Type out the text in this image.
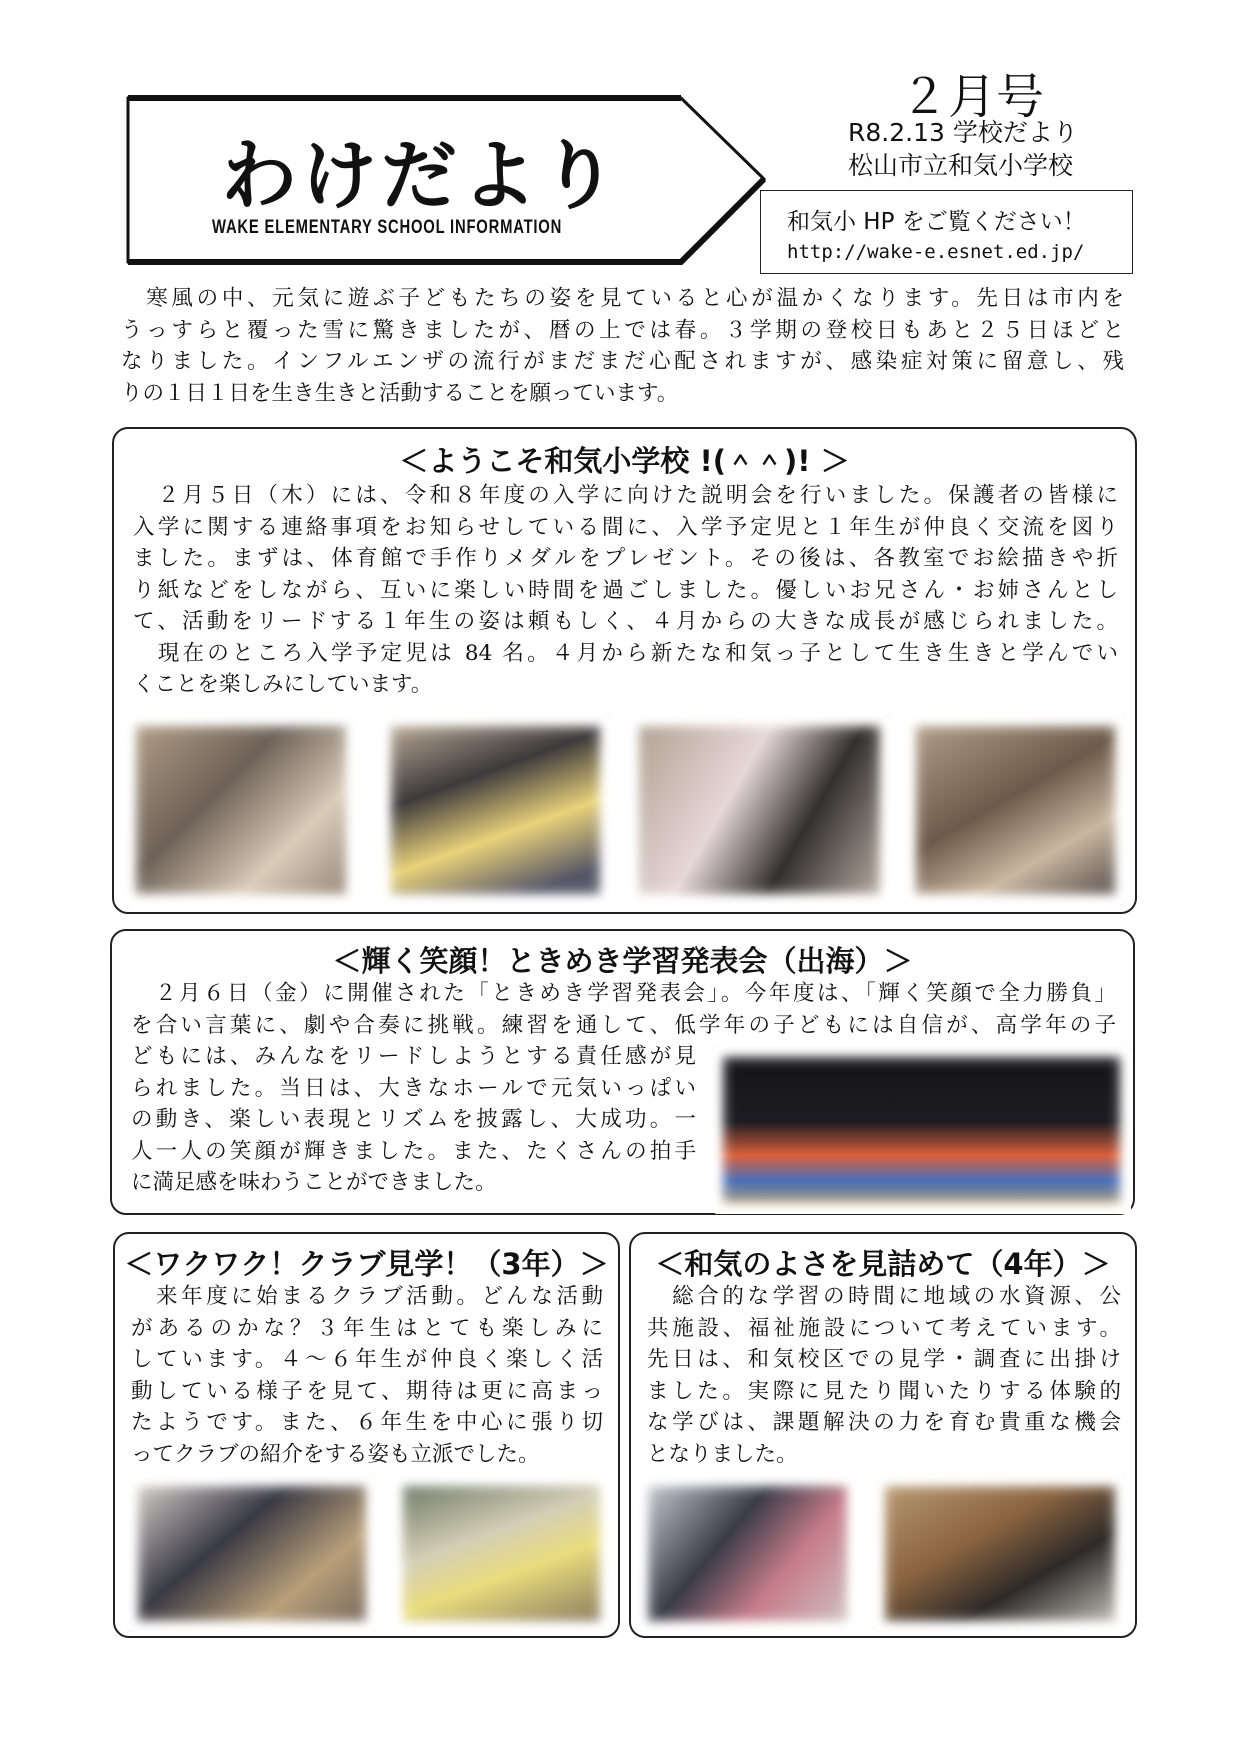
わけだより
WAKE ELEMENTARY SCHOOL INFORMATION
２月号
R8.2.13 学校だより
松山市立和気小学校
和気小 HP をご覧ください！
http://wake-e.esnet.ed.jp/
　寒風の中、元気に遊ぶ子どもたちの姿を見ていると心が温かくなります。先日は市内を
うっすらと覆った雪に驚きましたが、暦の上では春。３学期の登校日もあと２５日ほどと
なりました。インフルエンザの流行がまだまだ心配されますが、感染症対策に留意し、残
りの１日１日を生き生きと活動することを願っています。
＜ようこそ和気小学校 !(＾＾)! ＞
　２月５日（木）には、令和８年度の入学に向けた説明会を行いました。保護者の皆様に
入学に関する連絡事項をお知らせしている間に、入学予定児と１年生が仲良く交流を図り
ました。まずは、体育館で手作りメダルをプレゼント。その後は、各教室でお絵描きや折
り紙などをしながら、互いに楽しい時間を過ごしました。優しいお兄さん・お姉さんとし
て、活動をリードする１年生の姿は頼もしく、４月からの大きな成長が感じられました。
　現在のところ入学予定児は 84 名。４月から新たな和気っ子として生き生きと学んでい
くことを楽しみにしています。
＜輝く笑顔！ときめき学習発表会（出海）＞
　２月６日（金）に開催された「ときめき学習発表会」。今年度は、「輝く笑顔で全力勝負」
を合い言葉に、劇や合奏に挑戦。練習を通して、低学年の子どもには自信が、高学年の子
どもには、みんなをリードしようとする責任感が見
られました。当日は、大きなホールで元気いっぱい
の動き、楽しい表現とリズムを披露し、大成功。一
人一人の笑顔が輝きました。また、たくさんの拍手
に満足感を味わうことができました。
＜ワクワク！クラブ見学！（3年）＞
　来年度に始まるクラブ活動。どんな活動
があるのかな？３年生はとても楽しみに
しています。４～６年生が仲良く楽しく活
動している様子を見て、期待は更に高まっ
たようです。また、６年生を中心に張り切
ってクラブの紹介をする姿も立派でした。
＜和気のよさを見詰めて（4年）＞
　総合的な学習の時間に地域の水資源、公
共施設、福祉施設について考えています。
先日は、和気校区での見学・調査に出掛け
ました。実際に見たり聞いたりする体験的
な学びは、課題解決の力を育む貴重な機会
となりました。
